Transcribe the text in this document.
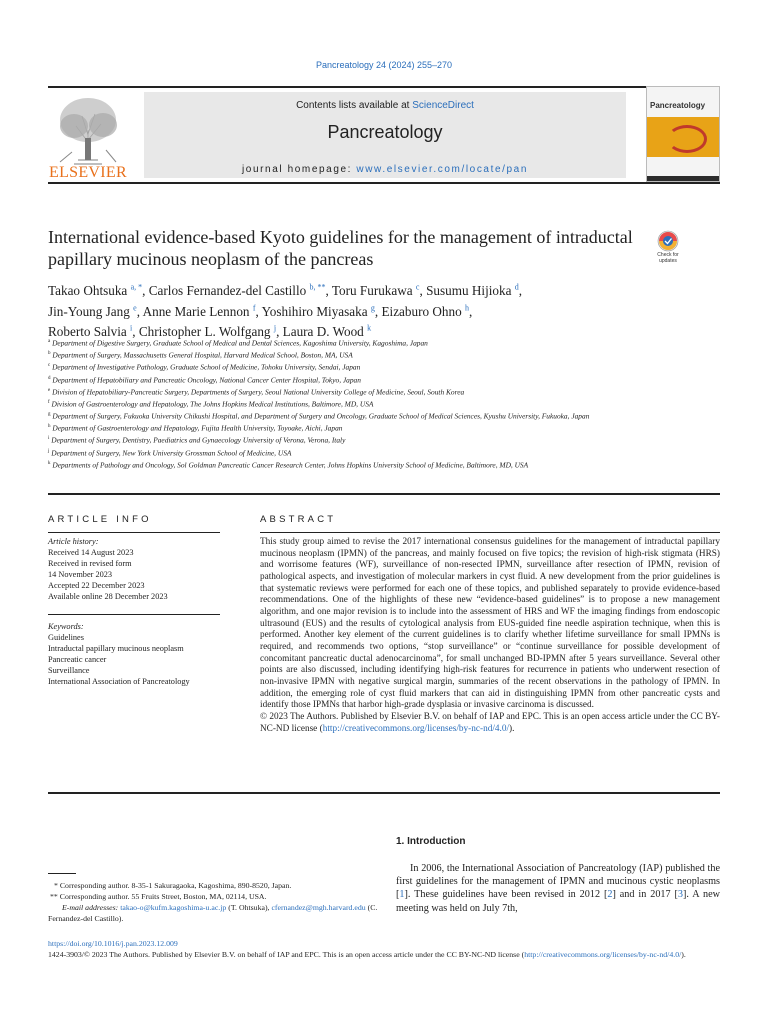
Pancreatology 24 (2024) 255–270
ELSEVIER
Contents lists available at ScienceDirect
Pancreatology
journal homepage: www.elsevier.com/locate/pan
Pancreatology
International evidence-based Kyoto guidelines for the management of intraductal papillary mucinous neoplasm of the pancreas	Check for updates
Takao Ohtsuka $^{a, *}$, Carlos Fernandez-del Castillo $^{b, **}$, Toru Furukawa $^c$, Susumu Hijioka $^d$,
Jin-Young Jang $^e$, Anne Marie Lennon $^f$, Yoshihiro Miyasaka $^g$, Eizaburo Ohno $^h$,
Roberto Salvia $^i$, Christopher L. Wolfgang $^j$, Laura D. Wood $^k$
$^a$ Department of Digestive Surgery, Graduate School of Medical and Dental Sciences, Kagoshima University, Kagoshima, Japan
$^b$ Department of Surgery, Massachusetts General Hospital, Harvard Medical School, Boston, MA, USA
$^c$ Department of Investigative Pathology, Graduate School of Medicine, Tohoku University, Sendai, Japan
$^d$ Department of Hepatobiliary and Pancreatic Oncology, National Cancer Center Hospital, Tokyo, Japan
$^e$ Division of Hepatobiliary-Pancreatic Surgery, Departments of Surgery, Seoul National University College of Medicine, Seoul, South Korea
$^f$ Division of Gastroenterology and Hepatology, The Johns Hopkins Medical Institutions, Baltimore, MD, USA
$^g$ Department of Surgery, Fukuoka University Chikushi Hospital, and Department of Surgery and Oncology, Graduate School of Medical Sciences, Kyushu University, Fukuoka, Japan
$^h$ Department of Gastroenterology and Hepatology, Fujita Health University, Toyoake, Aichi, Japan
$^i$ Department of Surgery, Dentistry, Paediatrics and Gynaecology University of Verona, Verona, Italy
$^j$ Department of Surgery, New York University Grossman School of Medicine, USA
$^k$ Departments of Pathology and Oncology, Sol Goldman Pancreatic Cancer Research Center, Johns Hopkins University School of Medicine, Baltimore, MD, USA
ARTICLE INFO	ABSTRACT
Article history:
Received 14 August 2023
Received in revised form
14 November 2023
Accepted 22 December 2023
Available online 28 December 2023
Keywords:
Guidelines
Intraductal papillary mucinous neoplasm
Pancreatic cancer
Surveillance
International Association of Pancreatology
This study group aimed to revise the 2017 international consensus guidelines for the management of intraductal papillary mucinous neoplasm (IPMN) of the pancreas, and mainly focused on five topics; the revision of high-risk stigmata (HRS) and worrisome features (WF), surveillance of non-resected IPMN, surveillance after resection of IPMN, revision of pathological aspects, and investigation of molecular markers in cyst fluid. A new development from the prior guidelines is that systematic reviews were performed for each one of these topics, and published separately to provide evidence-based recommendations. One of the highlights of these new “evidence-based guidelines” is to propose a new management algorithm, and one major revision is to include into the assessment of HRS and WF the imaging findings from endoscopic ultrasound (EUS) and the results of cytological analysis from EUS-guided fine needle aspiration technique, when this is performed. Another key element of the current guidelines is to clarify whether lifetime surveillance for small IPMNs is required, and recommends two options, “stop surveillance” or “continue surveillance for possible development of concomitant pancreatic ductal adenocarcinoma”, for small unchanged BD-IPMN after 5 years surveillance. Several other points are also discussed, including identifying high-risk features for recurrence in patients who underwent resection of non-invasive IPMN with negative surgical margin, summaries of the recent observations in the pathology of IPMN. In addition, the emerging role of cyst fluid markers that can aid in distinguishing IPMN from other pancreatic cysts and identify those IPMNs that harbor high-grade dysplasia or invasive carcinoma is discussed.
© 2023 The Authors. Published by Elsevier B.V. on behalf of IAP and EPC. This is an open access article under the CC BY-NC-ND license (http://creativecommons.org/licenses/by-nc-nd/4.0/).
1. Introduction
In 2006, the International Association of Pancreatology (IAP) published the first guidelines for the management of IPMN and mucinous cystic neoplasms [1]. These guidelines have been revised in 2012 [2] and in 2017 [3]. A new meeting was held on July 7th,

* Corresponding author. 8-35-1 Sakuragaoka, Kagoshima, 890-8520, Japan.

** Corresponding author. 55 Fruits Street, Boston, MA, 02114, USA.

E-mail addresses:

takao-o@kufm.kagoshima-u.ac.jp (T. Ohtsuka), cfernandez@mgh.harvard.edu (C. Fernandez-del Castillo).

https://doi.org/10.1016/j.pan.2023.12.009

1424-3903/© 2023 The Authors. Published by Elsevier B.V. on behalf of IAP and EPC. This is an open access article under the CC BY-NC-ND license (http://creativecommons.org/licenses/by-nc-nd/4.0/).
